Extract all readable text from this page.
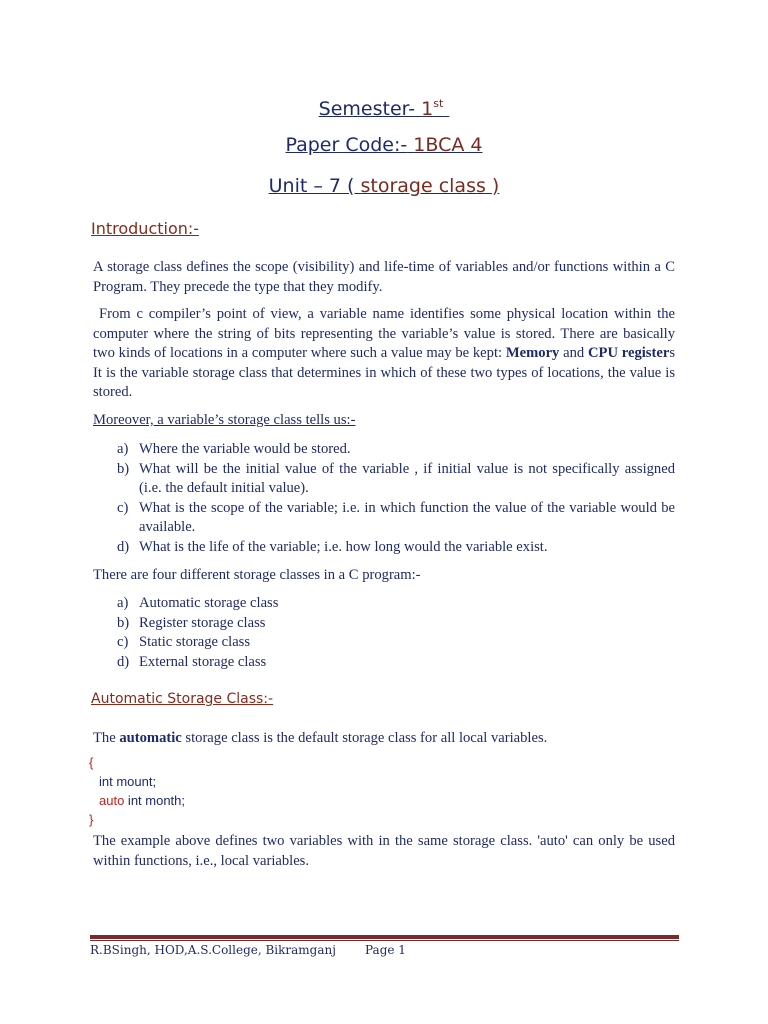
Semester- 1st
Paper Code:- 1BCA 4
Unit – 7 ( storage class )
Introduction:-
A storage class defines the scope (visibility) and life-time of variables and/or functions within a C Program. They precede the type that they modify.
From c compiler’s point of view, a variable name identifies some physical location within the computer where the string of bits representing the variable’s value is stored. There are basically two kinds of locations in a computer where such a value may be kept: Memory and CPU registers It is the variable storage class that determines in which of these two types of locations, the value is stored.
Moreover, a variable’s storage class tells us:-
a) Where the variable would be stored.
b) What will be the initial value of the variable , if initial value is not specifically assigned (i.e. the default initial value).
c) What is the scope of the variable; i.e. in which function the value of the variable would be available.
d) What is the life of the variable; i.e. how long would the variable exist.
There are four different storage classes in a C program:-
a) Automatic storage class
b) Register storage class
c) Static storage class
d) External storage class
Automatic Storage Class:-
The automatic storage class is the default storage class for all local variables.
{
int mount;
auto int month;
}
The example above defines two variables with in the same storage class. 'auto' can only be used within functions, i.e., local variables.
R.BSingh, HOD,A.S.College, Bikramganj Page 1
